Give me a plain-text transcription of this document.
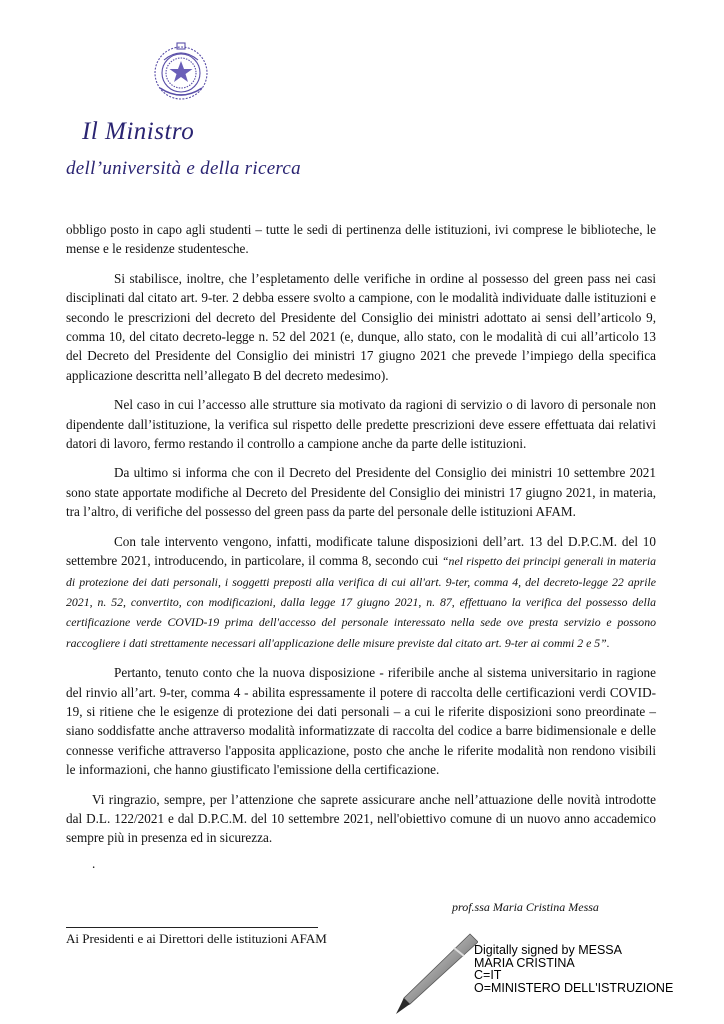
Il Ministro
dell’università e della ricerca

obbligo posto in capo agli studenti – tutte le sedi di pertinenza delle istituzioni, ivi comprese le biblioteche, le mense e le residenze studentesche.

Si stabilisce, inoltre, che l’espletamento delle verifiche in ordine al possesso del green pass nei casi disciplinati dal citato art. 9-ter. 2 debba essere svolto a campione, con le modalità individuate dalle istituzioni e secondo le prescrizioni del decreto del Presidente del Consiglio dei ministri adottato ai sensi dell’articolo 9, comma 10, del citato decreto-legge n. 52 del 2021 (e, dunque, allo stato, con le modalità di cui all’articolo 13 del Decreto del Presidente del Consiglio dei ministri 17 giugno 2021 che prevede l’impiego della specifica applicazione descritta nell’allegato B del decreto medesimo).

Nel caso in cui l’accesso alle strutture sia motivato da ragioni di servizio o di lavoro di personale non dipendente dall’istituzione, la verifica sul rispetto delle predette prescrizioni deve essere effettuata dai relativi datori di lavoro, fermo restando il controllo a campione anche da parte delle istituzioni.

Da ultimo si informa che con il Decreto del Presidente del Consiglio dei ministri 10 settembre 2021 sono state apportate modifiche al Decreto del Presidente del Consiglio dei ministri 17 giugno 2021, in materia, tra l’altro, di verifiche del possesso del green pass da parte del personale delle istituzioni AFAM.

Con tale intervento vengono, infatti, modificate talune disposizioni dell’art. 13 del D.P.C.M. del 10 settembre 2021, introducendo, in particolare, il comma 8, secondo cui “nel rispetto dei principi generali in materia di protezione dei dati personali, i soggetti preposti alla verifica di cui all'art. 9-ter, comma 4, del decreto-legge 22 aprile 2021, n. 52, convertito, con modificazioni, dalla legge 17 giugno 2021, n. 87, effettuano la verifica del possesso della certificazione verde COVID-19 prima dell'accesso del personale interessato nella sede ove presta servizio e possono raccogliere i dati strettamente necessari all'applicazione delle misure previste dal citato art. 9-ter ai commi 2 e 5”.

Pertanto, tenuto conto che la nuova disposizione - riferibile anche al sistema universitario in ragione del rinvio all’art. 9-ter, comma 4 - abilita espressamente il potere di raccolta delle certificazioni verdi COVID-19, si ritiene che le esigenze di protezione dei dati personali – a cui le riferite disposizioni sono preordinate – siano soddisfatte anche attraverso modalità informatizzate di raccolta del codice a barre bidimensionale e delle connesse verifiche attraverso l'apposita applicazione, posto che anche le riferite modalità non rendono visibili le informazioni, che hanno giustificato l'emissione della certificazione.

Vi ringrazio, sempre, per l’attenzione che saprete assicurare anche nell’attuazione delle novità introdotte dal D.L. 122/2021 e dal D.P.C.M. del 10 settembre 2021, nell'obiettivo comune di un nuovo anno accademico sempre più in presenza ed in sicurezza.

.
prof.ssa Maria Cristina Messa
Ai Presidenti e ai Direttori delle istituzioni AFAM
Digitally signed by MESSA
MARIA CRISTINA
C=IT
O=MINISTERO DELL'ISTRUZIONE
